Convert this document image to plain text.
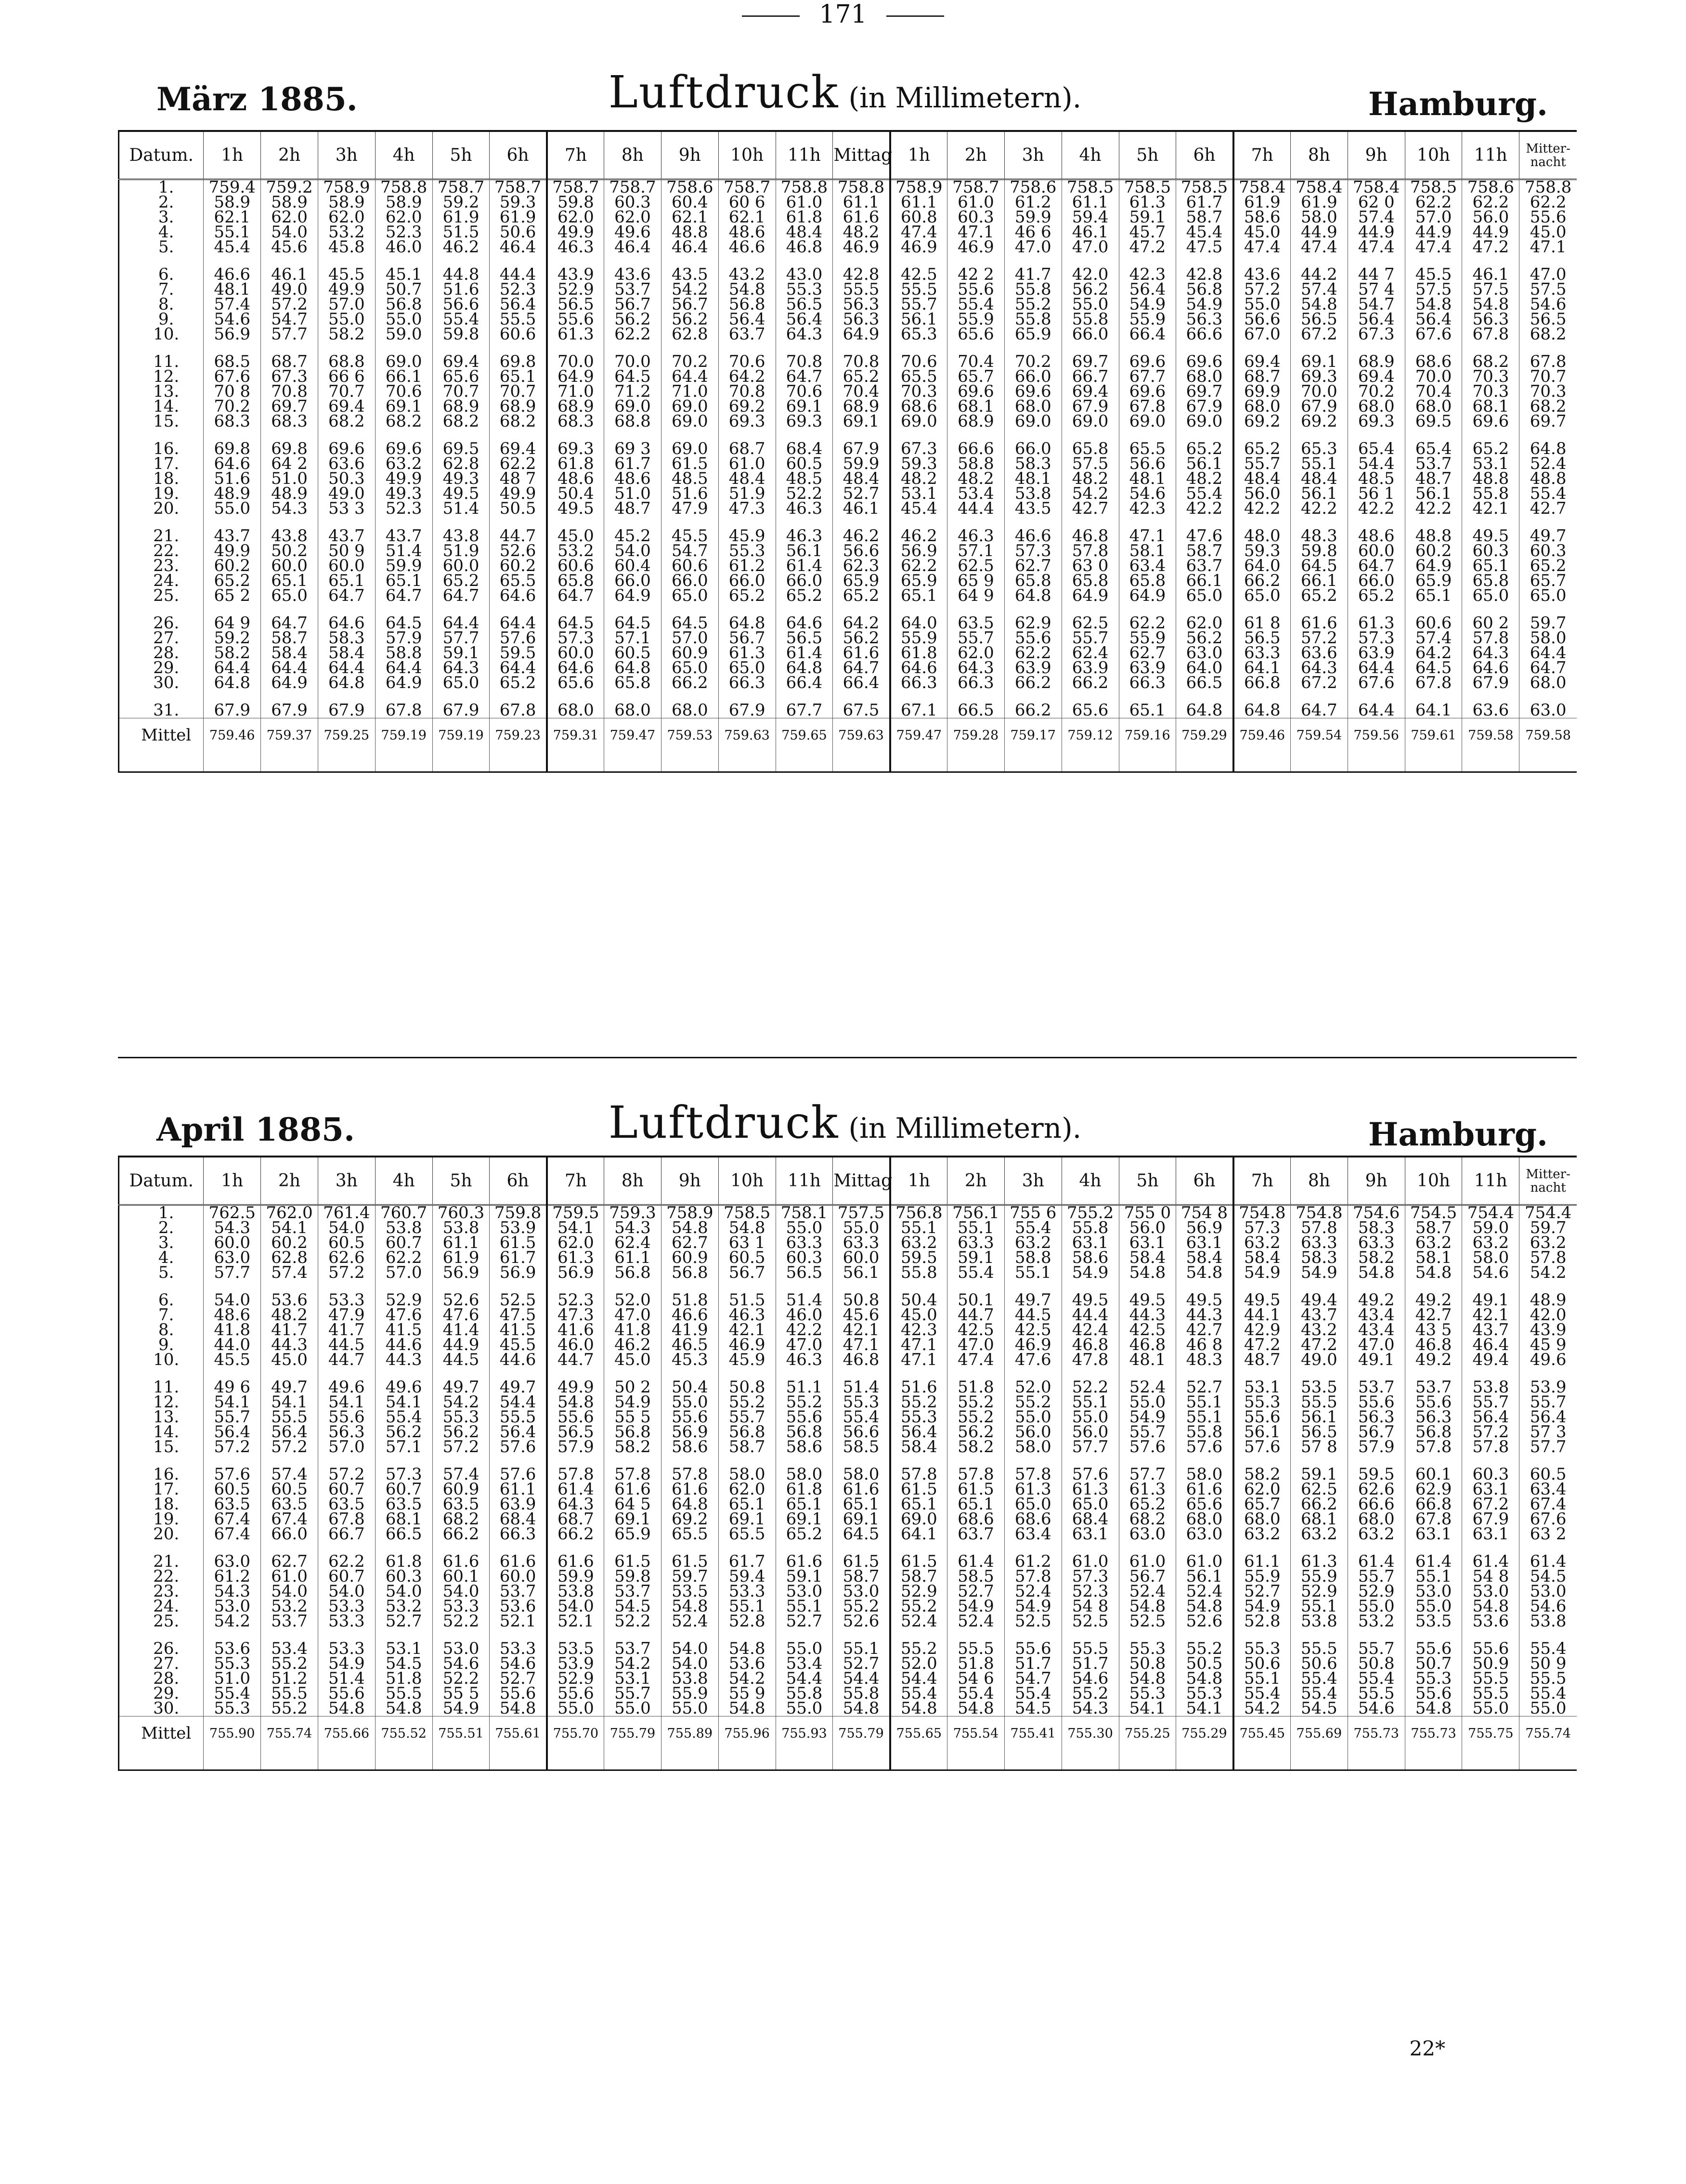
171
März 1885.	Luftdruck (in Millimetern).	Hamburg.
Datum.	1h	2h	3h	4h	5h	6h	7h	8h	9h	10h	11h	Mittag	1h	2h	3h	4h	5h	6h	7h	8h	9h	10h	11h	Mitter-nacht
1.	759.4	759.2	758.9	758.8	758.7	758.7	758.7	758.7	758.6	758.7	758.8	758.8	758.9	758.7	758.6	758.5	758.5	758.5	758.4	758.4	758.4	758.5	758.6	758.8
2.	58.9	58.9	58.9	58.9	59.2	59.3	59.8	60.3	60.4	60 6	61.0	61.1	61.1	61.0	61.2	61.1	61.3	61.7	61.9	61.9	62 0	62.2	62.2	62.2
3.	62.1	62.0	62.0	62.0	61.9	61.9	62.0	62.0	62.1	62.1	61.8	61.6	60.8	60.3	59.9	59.4	59.1	58.7	58.6	58.0	57.4	57.0	56.0	55.6
4.	55.1	54.0	53.2	52.3	51.5	50.6	49.9	49.6	48.8	48.6	48.4	48.2	47.4	47.1	46 6	46.1	45.7	45.4	45.0	44.9	44.9	44.9	44.9	45.0
5.	45.4	45.6	45.8	46.0	46.2	46.4	46.3	46.4	46.4	46.6	46.8	46.9	46.9	46.9	47.0	47.0	47.2	47.5	47.4	47.4	47.4	47.4	47.2	47.1

6.	46.6	46.1	45.5	45.1	44.8	44.4	43.9	43.6	43.5	43.2	43.0	42.8	42.5	42 2	41.7	42.0	42.3	42.8	43.6	44.2	44 7	45.5	46.1	47.0
7.	48.1	49.0	49.9	50.7	51.6	52.3	52.9	53.7	54.2	54.8	55.3	55.5	55.5	55.6	55.8	56.2	56.4	56.8	57.2	57.4	57 4	57.5	57.5	57.5
8.	57.4	57.2	57.0	56.8	56.6	56.4	56.5	56.7	56.7	56.8	56.5	56.3	55.7	55.4	55.2	55.0	54.9	54.9	55.0	54.8	54.7	54.8	54.8	54.6
9.	54.6	54.7	55.0	55.0	55.4	55.5	55.6	56.2	56.2	56.4	56.4	56.3	56.1	55.9	55.8	55.8	55.9	56.3	56.6	56.5	56.4	56.4	56.3	56.5
10.	56.9	57.7	58.2	59.0	59.8	60.6	61.3	62.2	62.8	63.7	64.3	64.9	65.3	65.6	65.9	66.0	66.4	66.6	67.0	67.2	67.3	67.6	67.8	68.2

11.	68.5	68.7	68.8	69.0	69.4	69.8	70.0	70.0	70.2	70.6	70.8	70.8	70.6	70.4	70.2	69.7	69.6	69.6	69.4	69.1	68.9	68.6	68.2	67.8
12.	67.6	67.3	66 6	66.1	65.6	65.1	64.9	64.5	64.4	64.2	64.7	65.2	65.5	65.7	66.0	66.7	67.7	68.0	68.7	69.3	69.4	70.0	70.3	70.7
13.	70 8	70.8	70.7	70.6	70.7	70.7	71.0	71.2	71.0	70.8	70.6	70.4	70.3	69.6	69.6	69.4	69.6	69.7	69.9	70.0	70.2	70.4	70.3	70.3
14.	70.2	69.7	69.4	69.1	68.9	68.9	68.9	69.0	69.0	69.2	69.1	68.9	68.6	68.1	68.0	67.9	67.8	67.9	68.0	67.9	68.0	68.0	68.1	68.2
15.	68.3	68.3	68.2	68.2	68.2	68.2	68.3	68.8	69.0	69.3	69.3	69.1	69.0	68.9	69.0	69.0	69.0	69.0	69.2	69.2	69.3	69.5	69.6	69.7

16.	69.8	69.8	69.6	69.6	69.5	69.4	69.3	69 3	69.0	68.7	68.4	67.9	67.3	66.6	66.0	65.8	65.5	65.2	65.2	65.3	65.4	65.4	65.2	64.8
17.	64.6	64 2	63.6	63.2	62.8	62.2	61.8	61.7	61.5	61.0	60.5	59.9	59.3	58.8	58.3	57.5	56.6	56.1	55.7	55.1	54.4	53.7	53.1	52.4
18.	51.6	51.0	50.3	49.9	49.3	48 7	48.6	48.6	48.5	48.4	48.5	48.4	48.2	48.2	48.1	48.2	48.1	48.2	48.4	48.4	48.5	48.7	48.8	48.8
19.	48.9	48.9	49.0	49.3	49.5	49.9	50.4	51.0	51.6	51.9	52.2	52.7	53.1	53.4	53.8	54.2	54.6	55.4	56.0	56.1	56 1	56.1	55.8	55.4
20.	55.0	54.3	53 3	52.3	51.4	50.5	49.5	48.7	47.9	47.3	46.3	46.1	45.4	44.4	43.5	42.7	42.3	42.2	42.2	42.2	42.2	42.2	42.1	42.7

21.	43.7	43.8	43.7	43.7	43.8	44.7	45.0	45.2	45.5	45.9	46.3	46.2	46.2	46.3	46.6	46.8	47.1	47.6	48.0	48.3	48.6	48.8	49.5	49.7
22.	49.9	50.2	50 9	51.4	51.9	52.6	53.2	54.0	54.7	55.3	56.1	56.6	56.9	57.1	57.3	57.8	58.1	58.7	59.3	59.8	60.0	60.2	60.3	60.3
23.	60.2	60.0	60.0	59.9	60.0	60.2	60.6	60.4	60.6	61.2	61.4	62.3	62.2	62.5	62.7	63 0	63.4	63.7	64.0	64.5	64.7	64.9	65.1	65.2
24.	65.2	65.1	65.1	65.1	65.2	65.5	65.8	66.0	66.0	66.0	66.0	65.9	65.9	65 9	65.8	65.8	65.8	66.1	66.2	66.1	66.0	65.9	65.8	65.7
25.	65 2	65.0	64.7	64.7	64.7	64.6	64.7	64.9	65.0	65.2	65.2	65.2	65.1	64 9	64.8	64.9	64.9	65.0	65.0	65.2	65.2	65.1	65.0	65.0

26.	64 9	64.7	64.6	64.5	64.4	64.4	64.5	64.5	64.5	64.8	64.6	64.2	64.0	63.5	62.9	62.5	62.2	62.0	61 8	61.6	61.3	60.6	60 2	59.7
27.	59.2	58.7	58.3	57.9	57.7	57.6	57.3	57.1	57.0	56.7	56.5	56.2	55.9	55.7	55.6	55.7	55.9	56.2	56.5	57.2	57.3	57.4	57.8	58.0
28.	58.2	58.4	58.4	58.8	59.1	59.5	60.0	60.5	60.9	61.3	61.4	61.6	61.8	62.0	62.2	62.4	62.7	63.0	63.3	63.6	63.9	64.2	64.3	64.4
29.	64.4	64.4	64.4	64.4	64.3	64.4	64.6	64.8	65.0	65.0	64.8	64.7	64.6	64.3	63.9	63.9	63.9	64.0	64.1	64.3	64.4	64.5	64.6	64.7
30.	64.8	64.9	64.8	64.9	65.0	65.2	65.6	65.8	66.2	66.3	66.4	66.4	66.3	66.3	66.2	66.2	66.3	66.5	66.8	67.2	67.6	67.8	67.9	68.0

31.	67.9	67.9	67.9	67.8	67.9	67.8	68.0	68.0	68.0	67.9	67.7	67.5	67.1	66.5	66.2	65.6	65.1	64.8	64.8	64.7	64.4	64.1	63.6	63.0
Mittel	759.46	759.37	759.25	759.19	759.19	759.23	759.31	759.47	759.53	759.63	759.65	759.63	759.47	759.28	759.17	759.12	759.16	759.29	759.46	759.54	759.56	759.61	759.58	759.58

April 1885.	Luftdruck (in Millimetern).	Hamburg.
Datum.	1h	2h	3h	4h	5h	6h	7h	8h	9h	10h	11h	Mittag	1h	2h	3h	4h	5h	6h	7h	8h	9h	10h	11h	Mitter-nacht
1.	762.5	762.0	761.4	760.7	760.3	759.8	759.5	759.3	758.9	758.5	758.1	757.5	756.8	756.1	755 6	755.2	755 0	754 8	754.8	754.8	754.6	754.5	754.4	754.4
2.	54.3	54.1	54.0	53.8	53.8	53.9	54.1	54.3	54.8	54.8	55.0	55.0	55.1	55.1	55.4	55.8	56.0	56.9	57.3	57.8	58.3	58.7	59.0	59.7
3.	60.0	60.2	60.5	60.7	61.1	61.5	62.0	62.4	62.7	63 1	63.3	63.3	63.2	63.3	63.2	63.1	63.1	63.1	63.2	63.3	63.3	63.2	63.2	63.2
4.	63.0	62.8	62.6	62.2	61.9	61.7	61.3	61.1	60.9	60.5	60.3	60.0	59.5	59.1	58.8	58.6	58.4	58.4	58.4	58.3	58.2	58.1	58.0	57.8
5.	57.7	57.4	57.2	57.0	56.9	56.9	56.9	56.8	56.8	56.7	56.5	56.1	55.8	55.4	55.1	54.9	54.8	54.8	54.9	54.9	54.8	54.8	54.6	54.2

6.	54.0	53.6	53.3	52.9	52.6	52.5	52.3	52.0	51.8	51.5	51.4	50.8	50.4	50.1	49.7	49.5	49.5	49.5	49.5	49.4	49.2	49.2	49.1	48.9
7.	48.6	48.2	47.9	47.6	47.6	47.5	47.3	47.0	46.6	46.3	46.0	45.6	45.0	44.7	44.5	44.4	44.3	44.3	44.1	43.7	43.4	42.7	42.1	42.0
8.	41.8	41.7	41.7	41.5	41.4	41.5	41.6	41.8	41.9	42.1	42.2	42.1	42.3	42.5	42.5	42.4	42.5	42.7	42.9	43.2	43.4	43 5	43.7	43.9
9.	44.0	44.3	44.5	44.6	44.9	45.5	46.0	46.2	46.5	46.9	47.0	47.1	47.1	47.0	46.9	46.8	46.8	46 8	47.2	47.2	47.0	46.8	46.4	45 9
10.	45.5	45.0	44.7	44.3	44.5	44.6	44.7	45.0	45.3	45.9	46.3	46.8	47.1	47.4	47.6	47.8	48.1	48.3	48.7	49.0	49.1	49.2	49.4	49.6

11.	49 6	49.7	49.6	49.6	49.7	49.7	49.9	50 2	50.4	50.8	51.1	51.4	51.6	51.8	52.0	52.2	52.4	52.7	53.1	53.5	53.7	53.7	53.8	53.9
12.	54.1	54.1	54.1	54.1	54.2	54.4	54.8	54.9	55.0	55.2	55.2	55.3	55.2	55.2	55.2	55.1	55.0	55.1	55.3	55.5	55.6	55.6	55.7	55.7
13.	55.7	55.5	55.6	55.4	55.3	55.5	55.6	55 5	55.6	55.7	55.6	55.4	55.3	55.2	55.0	55.0	54.9	55.1	55.6	56.1	56.3	56.3	56.4	56.4
14.	56.4	56.4	56.3	56.2	56.2	56.4	56.5	56.8	56.9	56.8	56.8	56.6	56.4	56.2	56.0	56.0	55.7	55.8	56.1	56.5	56.7	56.8	57.2	57 3
15.	57.2	57.2	57.0	57.1	57.2	57.6	57.9	58.2	58.6	58.7	58.6	58.5	58.4	58.2	58.0	57.7	57.6	57.6	57.6	57 8	57.9	57.8	57.8	57.7

16.	57.6	57.4	57.2	57.3	57.4	57.6	57.8	57.8	57.8	58.0	58.0	58.0	57.8	57.8	57.8	57.6	57.7	58.0	58.2	59.1	59.5	60.1	60.3	60.5
17.	60.5	60.5	60.7	60.7	60.9	61.1	61.4	61.6	61.6	62.0	61.8	61.6	61.5	61.5	61.3	61.3	61.3	61.6	62.0	62.5	62.6	62.9	63.1	63.4
18.	63.5	63.5	63.5	63.5	63.5	63.9	64.3	64 5	64.8	65.1	65.1	65.1	65.1	65.1	65.0	65.0	65.2	65.6	65.7	66.2	66.6	66.8	67.2	67.4
19.	67.4	67.4	67.8	68.1	68.2	68.4	68.7	69.1	69.2	69.1	69.1	69.1	69.0	68.6	68.6	68.4	68.2	68.0	68.0	68.1	68.0	67.8	67.9	67.6
20.	67.4	66.0	66.7	66.5	66.2	66.3	66.2	65.9	65.5	65.5	65.2	64.5	64.1	63.7	63.4	63.1	63.0	63.0	63.2	63.2	63.2	63.1	63.1	63 2

21.	63.0	62.7	62.2	61.8	61.6	61.6	61.6	61.5	61.5	61.7	61.6	61.5	61.5	61.4	61.2	61.0	61.0	61.0	61.1	61.3	61.4	61.4	61.4	61.4
22.	61.2	61.0	60.7	60.3	60.1	60.0	59.9	59.8	59.7	59.4	59.1	58.7	58.7	58.5	57.8	57.3	56.7	56.1	55.9	55.9	55.7	55.1	54 8	54.5
23.	54.3	54.0	54.0	54.0	54.0	53.7	53.8	53.7	53.5	53.3	53.0	53.0	52.9	52.7	52.4	52.3	52.4	52.4	52.7	52.9	52.9	53.0	53.0	53.0
24.	53.0	53.2	53.3	53.2	53.3	53.6	54.0	54.5	54.8	55.1	55.1	55.2	55.2	54.9	54.9	54 8	54.8	54.8	54.9	55.1	55.0	55.0	54.8	54.6
25.	54.2	53.7	53.3	52.7	52.2	52.1	52.1	52.2	52.4	52.8	52.7	52.6	52.4	52.4	52.5	52.5	52.5	52.6	52.8	53.8	53.2	53.5	53.6	53.8

26.	53.6	53.4	53.3	53.1	53.0	53.3	53.5	53.7	54.0	54.8	55.0	55.1	55.2	55.5	55.6	55.5	55.3	55.2	55.3	55.5	55.7	55.6	55.6	55.4
27.	55.3	55.2	54.9	54.5	54.6	54.6	53.9	54.2	54.0	53.6	53.4	52.7	52.0	51.8	51.7	51.7	50.8	50.5	50.6	50.6	50.8	50.7	50.9	50 9
28.	51.0	51.2	51.4	51.8	52.2	52.7	52.9	53.1	53.8	54.2	54.4	54.4	54.4	54 6	54.7	54.6	54.8	54.8	55.1	55.4	55.4	55.3	55.5	55.5
29.	55.4	55.5	55.6	55.5	55 5	55.6	55.6	55.7	55.9	55 9	55.8	55.8	55.4	55.4	55.4	55.2	55.3	55.3	55.4	55.4	55.5	55.6	55.5	55.4
30.	55.3	55.2	54.8	54.8	54.9	54.8	55.0	55.0	55.0	54.8	55.0	54.8	54.8	54.8	54.5	54.3	54.1	54.1	54.2	54.5	54.6	54.8	55.0	55.0
Mittel	755.90	755.74	755.66	755.52	755.51	755.61	755.70	755.79	755.89	755.96	755.93	755.79	755.65	755.54	755.41	755.30	755.25	755.29	755.45	755.69	755.73	755.73	755.75	755.74

22*
